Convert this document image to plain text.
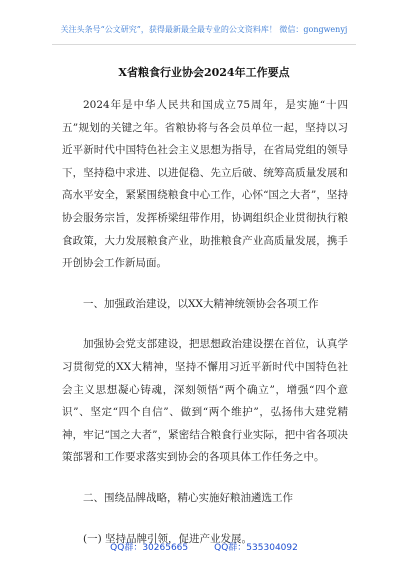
关注头条号“公文研究”，获得最新最全最专业的公文资料库！ 微信：gongwenyj
X省粮食行业协会2024年工作要点

2024年是中华人民共和国成立75周年，是实施“十四五”规划的关键之年。省粮协将与各会员单位一起，坚持以习近平新时代中国特色社会主义思想为指导，在省局党组的领导下，坚持稳中求进、以进促稳、先立后破、统筹高质量发展和高水平安全，紧紧围绕粮食中心工作，心怀“国之大者”，坚持协会服务宗旨，发挥桥梁纽带作用，协调组织企业贯彻执行粮食政策，大力发展粮食产业，助推粮食产业高质量发展，携手开创协会工作新局面。

一、加强政治建设，以XX大精神统领协会各项工作

加强协会党支部建设，把思想政治建设摆在首位，认真学习贯彻党的XX大精神，坚持不懈用习近平新时代中国特色社会主义思想凝心铸魂，深刻领悟“两个确立”，增强“四个意识”、坚定“四个自信”、做到“两个维护”，弘扬伟大建党精神，牢记“国之大者”，紧密结合粮食行业实际，把中省各项决策部署和工作要求落实到协会的各项具体工作任务之中。

二、围绕品牌战略，精心实施好粮油遴选工作

(一) 坚持品牌引领，促进产业发展。

QQ群：30265665	QQ群：535304092
